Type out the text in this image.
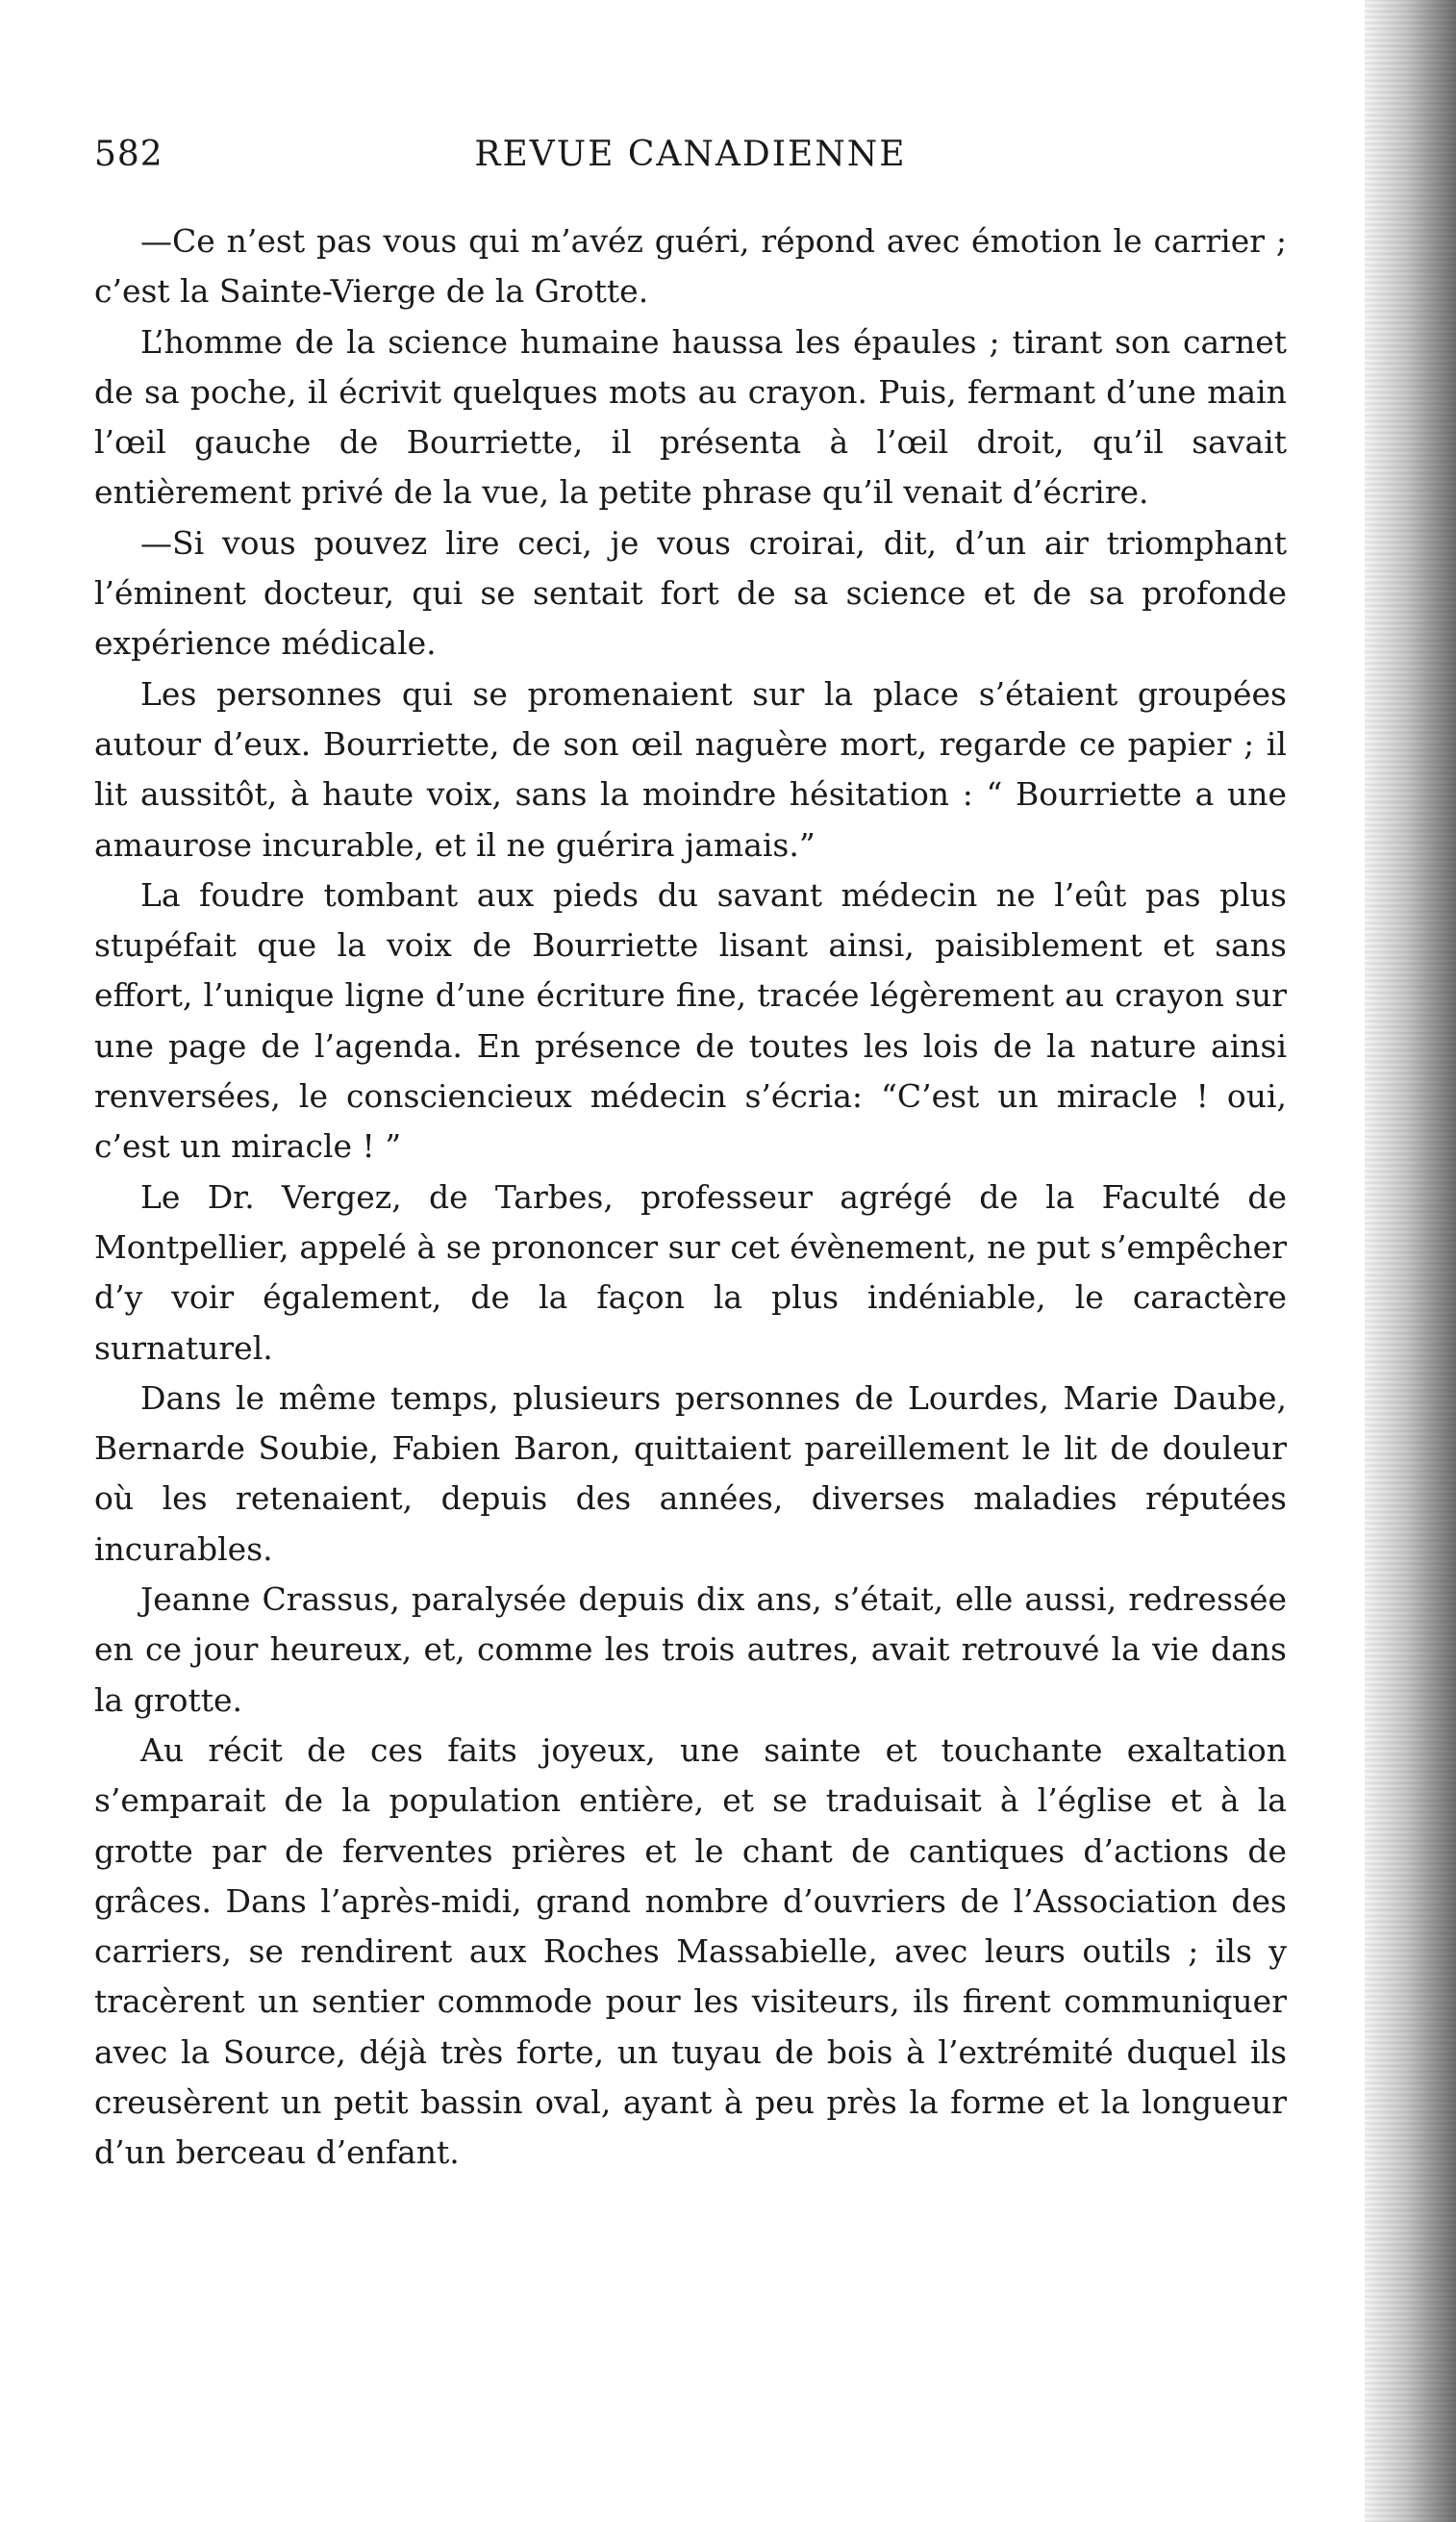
582	REVUE CANADIENNE

—Ce n’est pas vous qui m’avéz guéri, répond avec émotion le carrier ; c’est la Sainte-Vierge de la Grotte.

L’homme de la science humaine haussa les épaules ; tirant son carnet de sa poche, il écrivit quelques mots au crayon. Puis, fermant d’une main l’œil gauche de Bourriette, il présenta à l’œil droit, qu’il savait entièrement privé de la vue, la petite phrase qu’il venait d’écrire.

—Si vous pouvez lire ceci, je vous croirai, dit, d’un air triomphant l’éminent docteur, qui se sentait fort de sa science et de sa profonde expérience médicale.

Les personnes qui se promenaient sur la place s’étaient groupées autour d’eux. Bourriette, de son œil naguère mort, regarde ce papier ; il lit aussitôt, à haute voix, sans la moindre hésitation : “ Bourriette a une amaurose incurable, et il ne guérira jamais.”

La foudre tombant aux pieds du savant médecin ne l’eût pas plus stupéfait que la voix de Bourriette lisant ainsi, paisiblement et sans effort, l’unique ligne d’une écriture fine, tracée légèrement au crayon sur une page de l’agenda. En présence de toutes les lois de la nature ainsi renversées, le consciencieux médecin s’écria: “C’est un miracle ! oui, c’est un miracle ! ”

Le Dr. Vergez, de Tarbes, professeur agrégé de la Faculté de Montpellier, appelé à se prononcer sur cet évènement, ne put s’empêcher d’y voir également, de la façon la plus indéniable, le caractère surnaturel.

Dans le même temps, plusieurs personnes de Lourdes, Marie Daube, Bernarde Soubie, Fabien Baron, quittaient pareillement le lit de douleur où les retenaient, depuis des années, diverses maladies réputées incurables.

Jeanne Crassus, paralysée depuis dix ans, s’était, elle aussi, redressée en ce jour heureux, et, comme les trois autres, avait retrouvé la vie dans la grotte.

Au récit de ces faits joyeux, une sainte et touchante exaltation s’emparait de la population entière, et se traduisait à l’église et à la grotte par de ferventes prières et le chant de cantiques d’actions de grâces. Dans l’après-midi, grand nombre d’ouvriers de l’Association des carriers, se rendirent aux Roches Massabielle, avec leurs outils ; ils y tracèrent un sentier commode pour les visiteurs, ils firent communiquer avec la Source, déjà très forte, un tuyau de bois à l’extrémité duquel ils creusèrent un petit bassin oval, ayant à peu près la forme et la longueur d’un berceau d’enfant.
